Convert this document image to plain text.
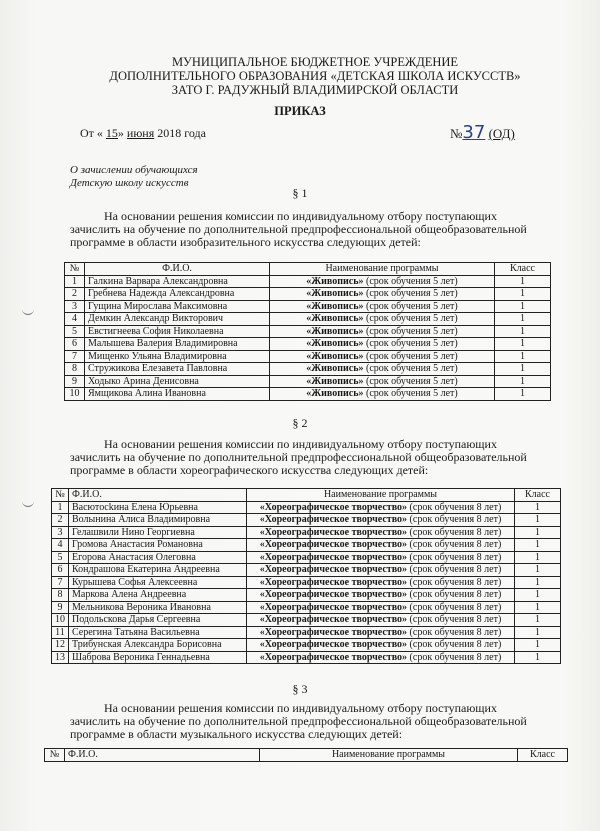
МУНИЦИПАЛЬНОЕ БЮДЖЕТНОЕ УЧРЕЖДЕНИЕ
ДОПОЛНИТЕЛЬНОГО ОБРАЗОВАНИЯ «ДЕТСКАЯ ШКОЛА ИСКУССТВ»
ЗАТО Г. РАДУЖНЫЙ ВЛАДИМИРСКОЙ ОБЛАСТИ
ПРИКАЗ
От « 15» июня 2018 года	№37 (ОД)
О зачислении обучающихся
Детскую школу искусств
§ 1
На основании решения комиссии по индивидуальному отбору поступающих
зачислить на обучение по дополнительной предпрофессиональной общеобразовательной
программе в области изобразительного искусства следующих детей:
№	Ф.И.О.	Наименование программы	Класс
1	Галкина Варвара Александровна	«Живопись» (срок обучения 5 лет)	1
2	Гребнева Надежда Александровна	«Живопись» (срок обучения 5 лет)	1
3	Гущина Мирослава Максимовна	«Живопись» (срок обучения 5 лет)	1
4	Демкин Александр Викторович	«Живопись» (срок обучения 5 лет)	1
5	Евстигнеева София Николаевна	«Живопись» (срок обучения 5 лет)	1
6	Малышева Валерия Владимировна	«Живопись» (срок обучения 5 лет)	1
7	Мищенко Ульяна Владимировна	«Живопись» (срок обучения 5 лет)	1
8	Стружикова Елезавета Павловна	«Живопись» (срок обучения 5 лет)	1
9	Ходыко Арина Денисовна	«Живопись» (срок обучения 5 лет)	1
10	Ямщикова Алина Ивановна	«Живопись» (срок обучения 5 лет)	1
§ 2
На основании решения комиссии по индивидуальному отбору поступающих
зачислить на обучение по дополнительной предпрофессиональной общеобразовательной
программе в области хореографического искусства следующих детей:
№	Ф.И.О.	Наименование программы	Класс
1	Васютockина Елена Юрьевна	«Хореографическое творчество» (срок обучения 8 лет)	1
2	Волынина Алиса Владимировна	«Хореографическое творчество» (срок обучения 8 лет)	1
3	Гелашвили Нино Георгиевна	«Хореографическое творчество» (срок обучения 8 лет)	1
4	Громова Анастасия Романовна	«Хореографическое творчество» (срок обучения 8 лет)	1
5	Егорова Анастасия Олеговна	«Хореографическое творчество» (срок обучения 8 лет)	1
6	Кондрашова Екатерина Андреевна	«Хореографическое творчество» (срок обучения 8 лет)	1
7	Курышева Софья Алексеевна	«Хореографическое творчество» (срок обучения 8 лет)	1
8	Маркова Алена Андреевна	«Хореографическое творчество» (срок обучения 8 лет)	1
9	Мельникова Вероника Ивановна	«Хореографическое творчество» (срок обучения 8 лет)	1
10	Подольскова Дарья Сергеевна	«Хореографическое творчество» (срок обучения 8 лет)	1
11	Серегина Татьяна Васильевна	«Хореографическое творчество» (срок обучения 8 лет)	1
12	Трибунская Александра Борисовна	«Хореографическое творчество» (срок обучения 8 лет)	1
13	Шаброва Вероника Геннадьевна	«Хореографическое творчество» (срок обучения 8 лет)	1
§ 3
На основании решения комиссии по индивидуальному отбору поступающих
зачислить на обучение по дополнительной предпрофессиональной общеобразовательной
программе в области музыкального искусства следующих детей:
№	Ф.И.О.	Наименование программы	Класс
